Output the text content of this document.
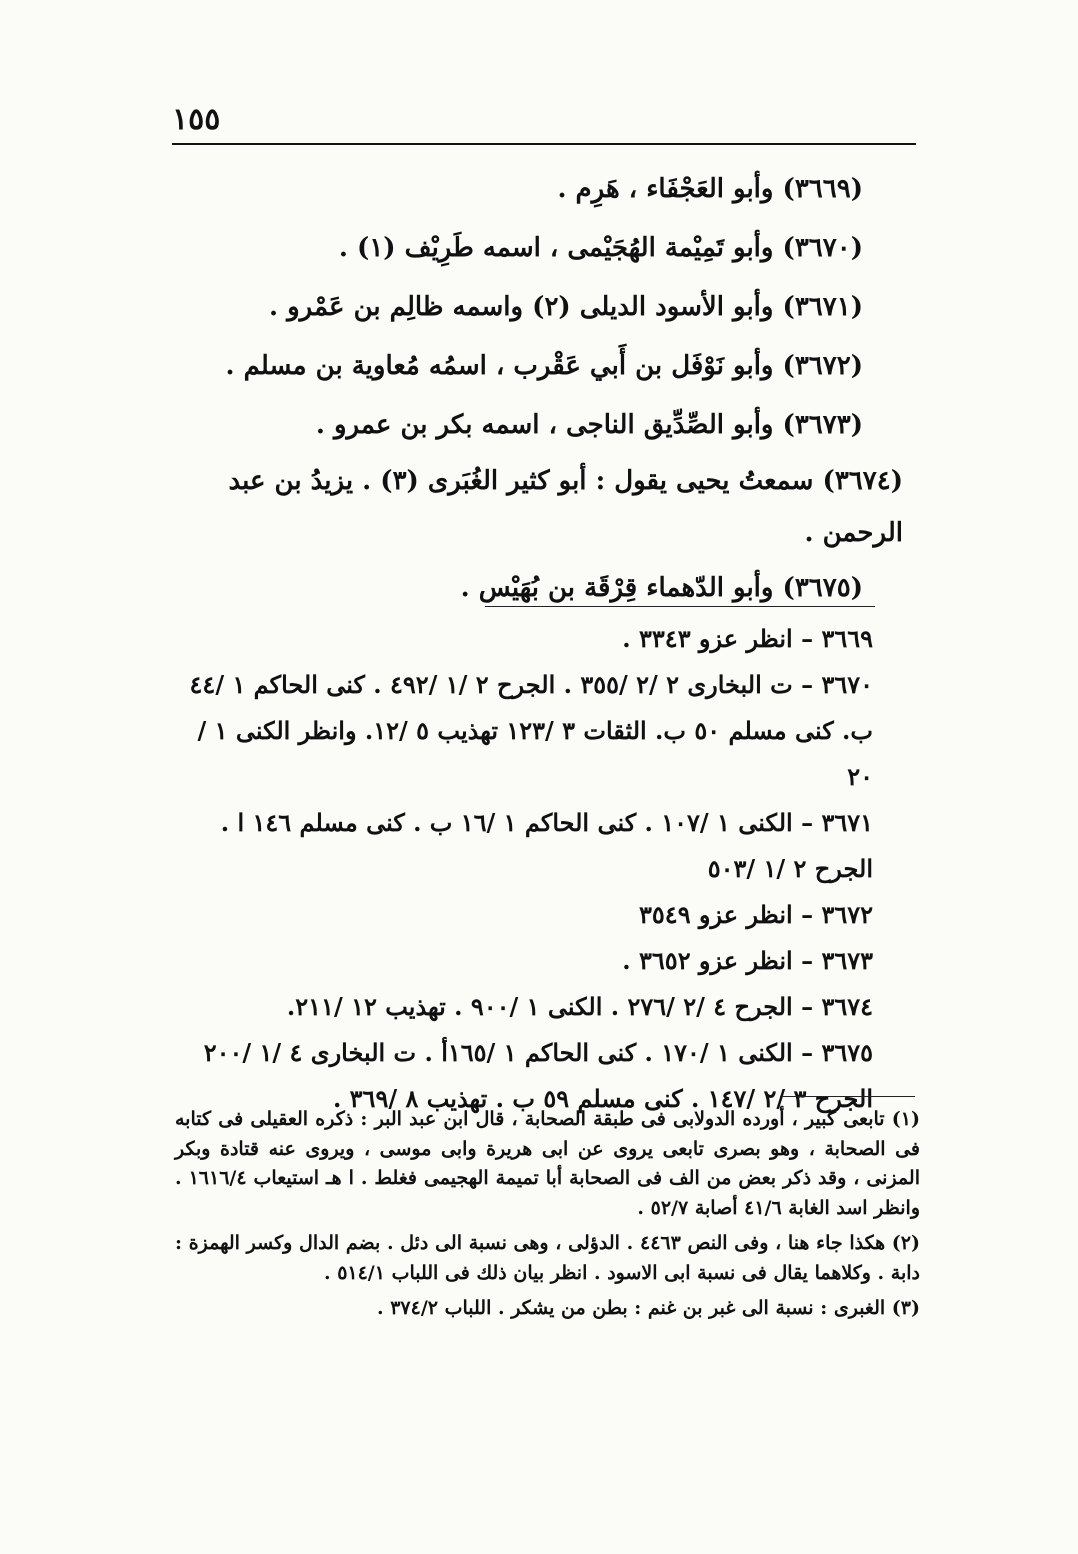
١٥٥
(٣٦٦٩) وأبو العَجْفَاء ، هَرِم .
(٣٦٧٠) وأبو تَمِيْمة الهُجَيْمى ، اسمه طَرِيْف (١) .
(٣٦٧١) وأبو الأسود الديلى (٢) واسمه ظالِم بن عَمْرو .
(٣٦٧٢) وأبو نَوْفَل بن أَبي عَقْرب ، اسمُه مُعاوية بن مسلم .
(٣٦٧٣) وأبو الصِّدِّيق الناجى ، اسمه بكر بن عمرو .
(٣٦٧٤) سمعتُ يحيى يقول : أبو كثير الغُبَرى (٣) . يزيدُ بن عبد الرحمن .
(٣٦٧٥) وأبو الدّهماء قِرْقَة بن بُهَيْس .
٣٦٦٩ – انظر عزو ٣٣٤٣ .
٣٦٧٠ – ت البخارى ٢ /٢ /٣٥٥ . الجرح ٢ /١ /٤٩٢ . كنى الحاكم ١ /٤٤ ب. كنى مسلم ٥٠ ب. الثقات ٣ /١٢٣ تهذيب ٥ /١٢. وانظر الكنى ١ /٢٠
٣٦٧١ – الكنى ١ /١٠٧ . كنى الحاكم ١ /١٦ ب . كنى مسلم ١٤٦ ا . الجرح ٢ /١ /٥٠٣
٣٦٧٢ – انظر عزو ٣٥٤٩
٣٦٧٣ – انظر عزو ٣٦٥٢ .
٣٦٧٤ – الجرح ٤ /٢ /٢٧٦ . الكنى ١ /٩٠٠ . تهذيب ١٢ /٢١١.
٣٦٧٥ – الكنى ١ /١٧٠ . كنى الحاكم ١ /١٦٥أ . ت البخارى ٤ /١ /٢٠٠ الجرح ٣ /٢ /١٤٧ . كنى مسلم ٥٩ ب . تهذيب ٨ /٣٦٩ .

(١) تابعى كبير ، أورده الدولابى فى طبقة الصحابة ، قال ابن عبد البر : ذكره العقيلى فى كتابه فى الصحابة ، وهو بصرى تابعى يروى عن ابى هريرة وابى موسى ، ويروى عنه قتادة وبكر المزنى ، وقد ذكر بعض من الف فى الصحابة أبا تميمة الهجيمى فغلط . ا هـ استيعاب ١٦١٦/٤ . وانظر اسد الغابة ٤١/٦ أصابة ٥٢/٧ .

(٢) هكذا جاء هنا ، وفى النص ٤٤٦٣ . الدؤلى ، وهى نسبة الى دئل . بضم الدال وكسر الهمزة : دابة . وكلاهما يقال فى نسبة ابى الاسود . انظر بيان ذلك فى اللباب ٥١٤/١ .

(٣) الغبرى : نسبة الى غبر بن غنم : بطن من يشكر . اللباب ٣٧٤/٢ .
